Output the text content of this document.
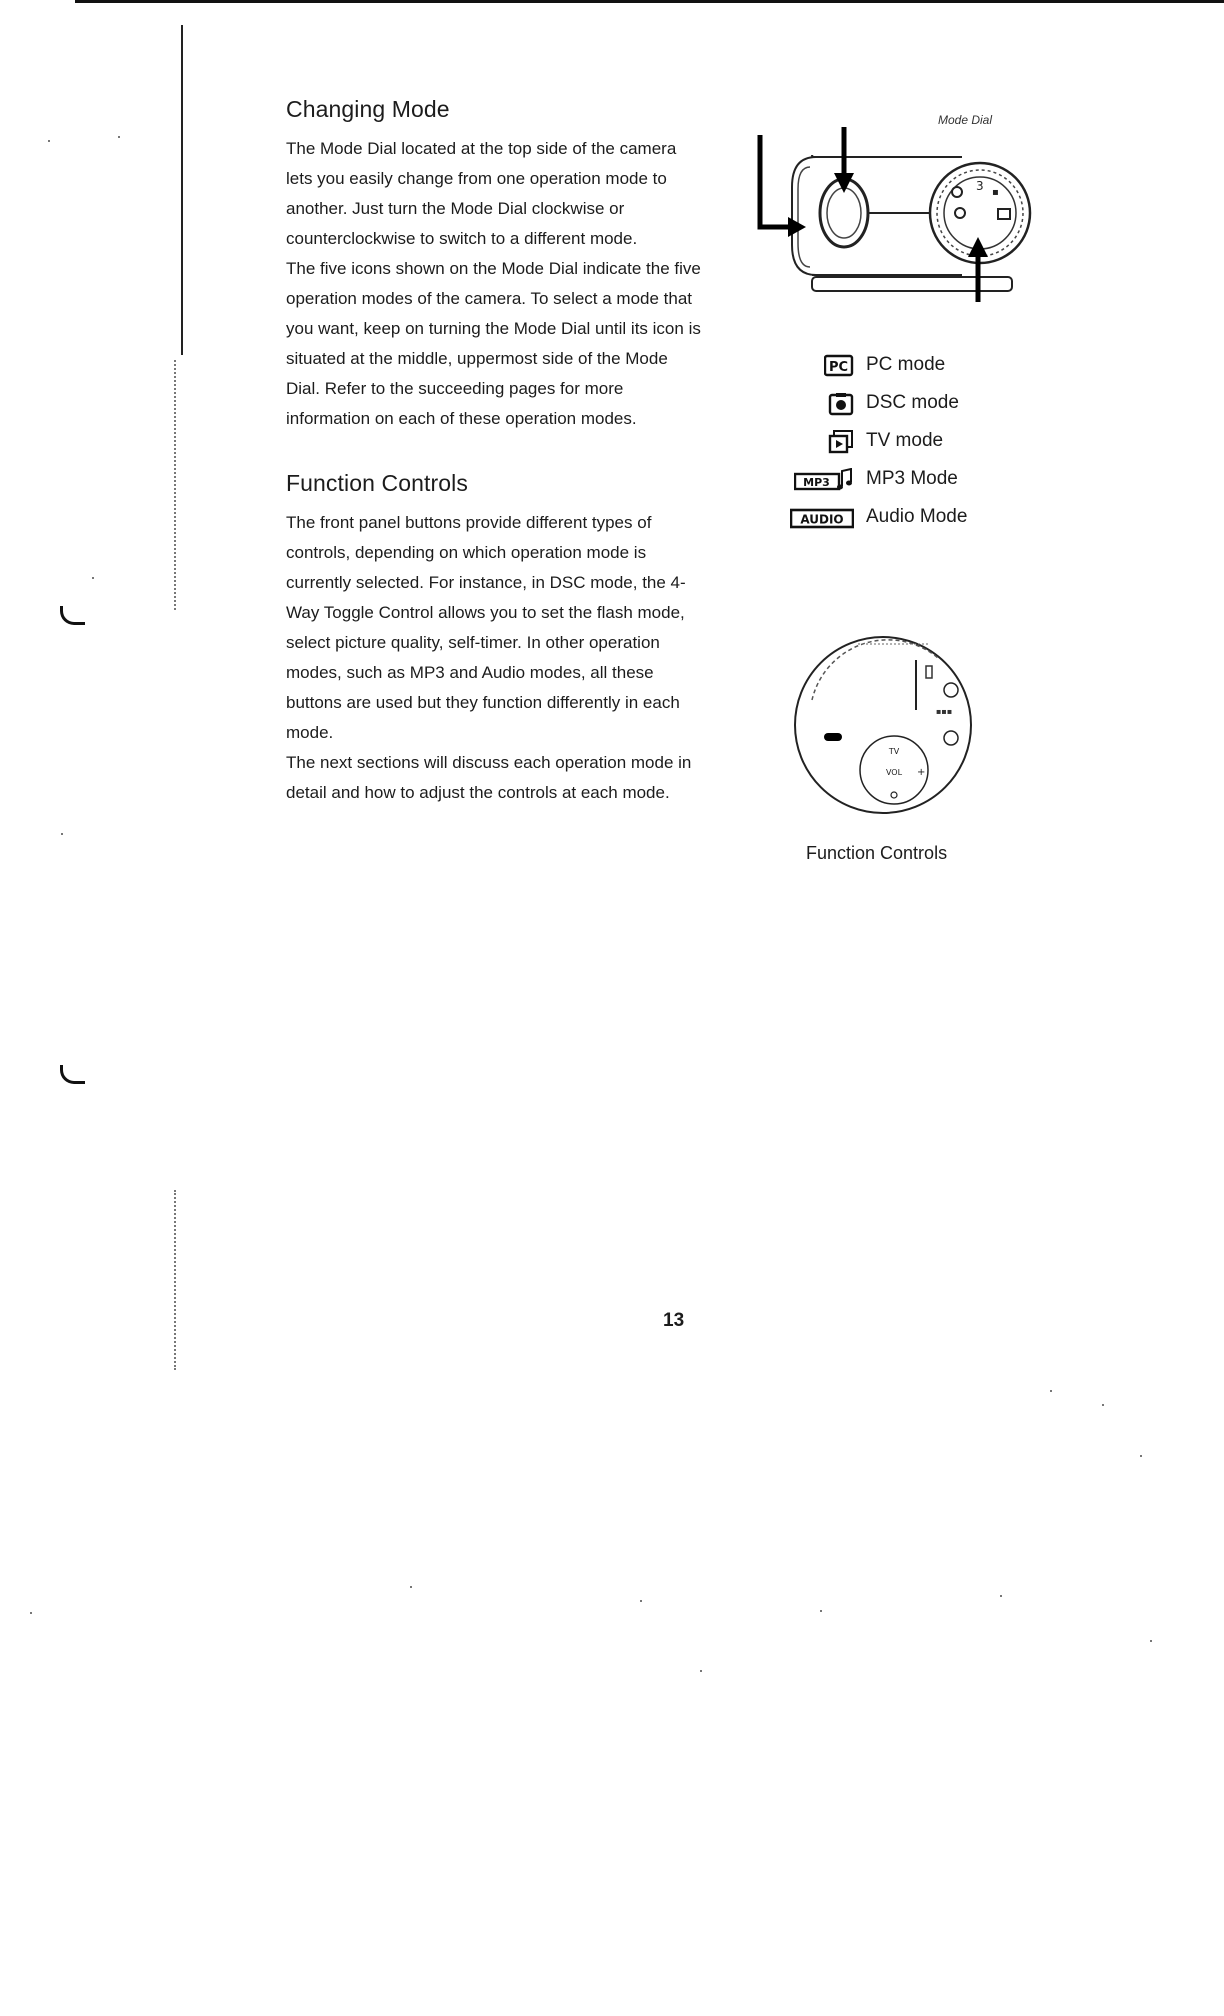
Changing Mode

The Mode Dial located at the top side of the camera lets you easily change from one operation mode to another. Just turn the Mode Dial clockwise or counterclockwise to switch to a different mode.

The five icons shown on the Mode Dial indicate the five operation modes of the camera. To select a mode that you want, keep on turning the Mode Dial until its icon is situated at the middle, uppermost side of the Mode Dial. Refer to the succeeding pages for more information on each of these operation modes.

Function Controls

The front panel buttons provide different types of controls, depending on which operation mode is currently selected. For instance, in DSC mode, the 4-Way Toggle Control allows you to set the flash mode, select picture quality, self-timer. In other operation modes, such as MP3 and Audio modes, all these buttons are used but they function differently in each mode.

The next sections will discuss each operation mode in detail and how to adjust the controls at each mode.

Mode Dial
3 ▪
PC PC mode
DSC mode
TV mode
MP3 MP3 Mode
AUDIO Audio Mode
▪▪▪
TV
VOL +
Function Controls
13
